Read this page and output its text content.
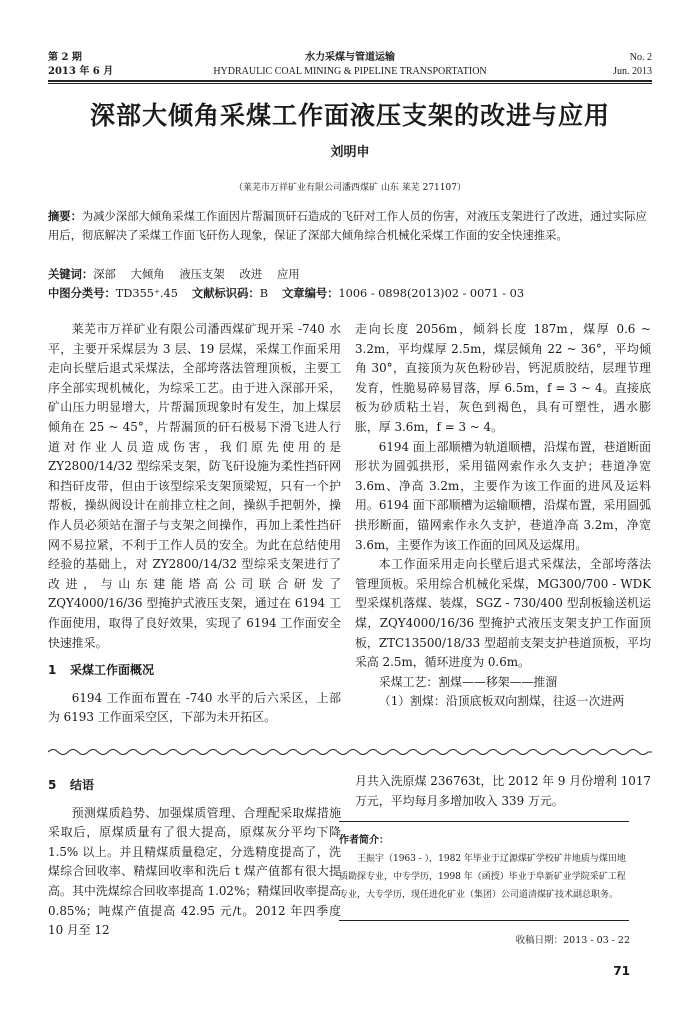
第 2 期
2013 年 6 月
水力采煤与管道运输
HYDRAULIC COAL MINING & PIPELINE TRANSPORTATION
No. 2
Jun. 2013
深部大倾角采煤工作面液压支架的改进与应用
刘明申
（莱芜市万祥矿业有限公司潘西煤矿 山东 莱芜 271107）
摘要：为减少深部大倾角采煤工作面因片帮漏顶矸石造成的飞矸对工作人员的伤害，对液压支架进行了改进，通过实际应用后，彻底解决了采煤工作面飞矸伤人现象，保证了深部大倾角综合机械化采煤工作面的安全快速推采。
关键词：深部　 大倾角　 液压支架　 改进　 应用
中图分类号：TD355⁺.45 文献标识码：B 文章编号：1006 - 0898(2013)02 - 0071 - 03

莱芜市万祥矿业有限公司潘西煤矿现开采 -740 水平，主要开采煤层为 3 层、19 层煤，采煤工作面采用走向长壁后退式采煤法，全部垮落法管理顶板，主要工序全部实现机械化，为综采工艺。由于进入深部开采，矿山压力明显增大，片帮漏顶现象时有发生，加上煤层倾角在 25 ~ 45°，片帮漏顶的矸石极易下滑飞进人行道对作业人员造成伤害，我们原先使用的是 ZY2800/14/32 型综采支架，防飞矸设施为柔性挡矸网和挡矸皮带，但由于该型综采支架顶梁短，只有一个护帮板，操纵阀设计在前排立柱之间，操纵手把朝外，操作人员必须站在溜子与支架之间操作，再加上柔性挡矸网不易拉紧，不利于工作人员的安全。为此在总结使用经验的基础上，对 ZY2800/14/32 型综采支架进行了改进，与山东建能塔高公司联合研发了 ZQY4000/16/36 型掩护式液压支架，通过在 6194 工作面使用，取得了良好效果，实现了 6194 工作面安全快速推采。

1 采煤工作面概况

6194 工作面布置在 -740 水平的后六采区，上部为 6193 工作面采空区，下部为未开拓区。

走向长度 2056m，倾斜长度 187m，煤厚 0.6 ~ 3.2m，平均煤厚 2.5m，煤层倾角 22 ~ 36°，平均倾角 30°，直接顶为灰色粉砂岩，钙泥质胶结，层理节理发育，性脆易碎易冒落，厚 6.5m，f = 3 ~ 4。直接底板为砂质粘土岩，灰色到褐色，具有可塑性，遇水膨胀，厚 3.6m，f = 3 ~ 4。

6194 面上部顺槽为轨道顺槽，沿煤布置，巷道断面形状为圆弧拱形，采用锚网索作永久支护；巷道净宽 3.6m、净高 3.2m，主要作为该工作面的进风及运料用。6194 面下部顺槽为运输顺槽，沿煤布置，采用圆弧拱形断面，锚网索作永久支护，巷道净高 3.2m，净宽 3.6m，主要作为该工作面的回风及运煤用。

本工作面采用走向长壁后退式采煤法，全部垮落法管理顶板。采用综合机械化采煤，MG300/700 - WDK 型采煤机落煤、装煤，SGZ - 730/400 型刮板输送机运煤，ZQY4000/16/36 型掩护式液压支架支护工作面顶板，ZTC13500/18/33 型超前支架支护巷道顶板，平均采高 2.5m，循环进度为 0.6m。

采煤工艺：割煤——移架——推溜

（1）割煤：沿顶底板双向割煤，往返一次进两

5 结语

预测煤质趋势、加强煤质管理、合理配采取煤措施采取后，原煤质量有了很大提高，原煤灰分平均下降 1.5% 以上。并且精煤质量稳定，分选精度提高了，洗煤综合回收率、精煤回收率和洗后 t 煤产值都有很大提高。其中洗煤综合回收率提高 1.02%；精煤回收率提高 0.85%；吨煤产值提高 42.95 元/t。2012 年四季度 10 月至 12

月共入洗原煤 236763t，比 2012 年 9 月份增利 1017 万元，平均每月多增加收入 339 万元。

作者简介：
王振宇（1963 - ），1982 年毕业于辽源煤矿学校矿井地质与煤田地质勘探专业，中专学历，1998 年（函授）毕业于阜新矿业学院采矿工程专业，大专学历，现任进化矿业（集团）公司道清煤矿技术副总职务。
收稿日期：2013 - 03 - 22
71
